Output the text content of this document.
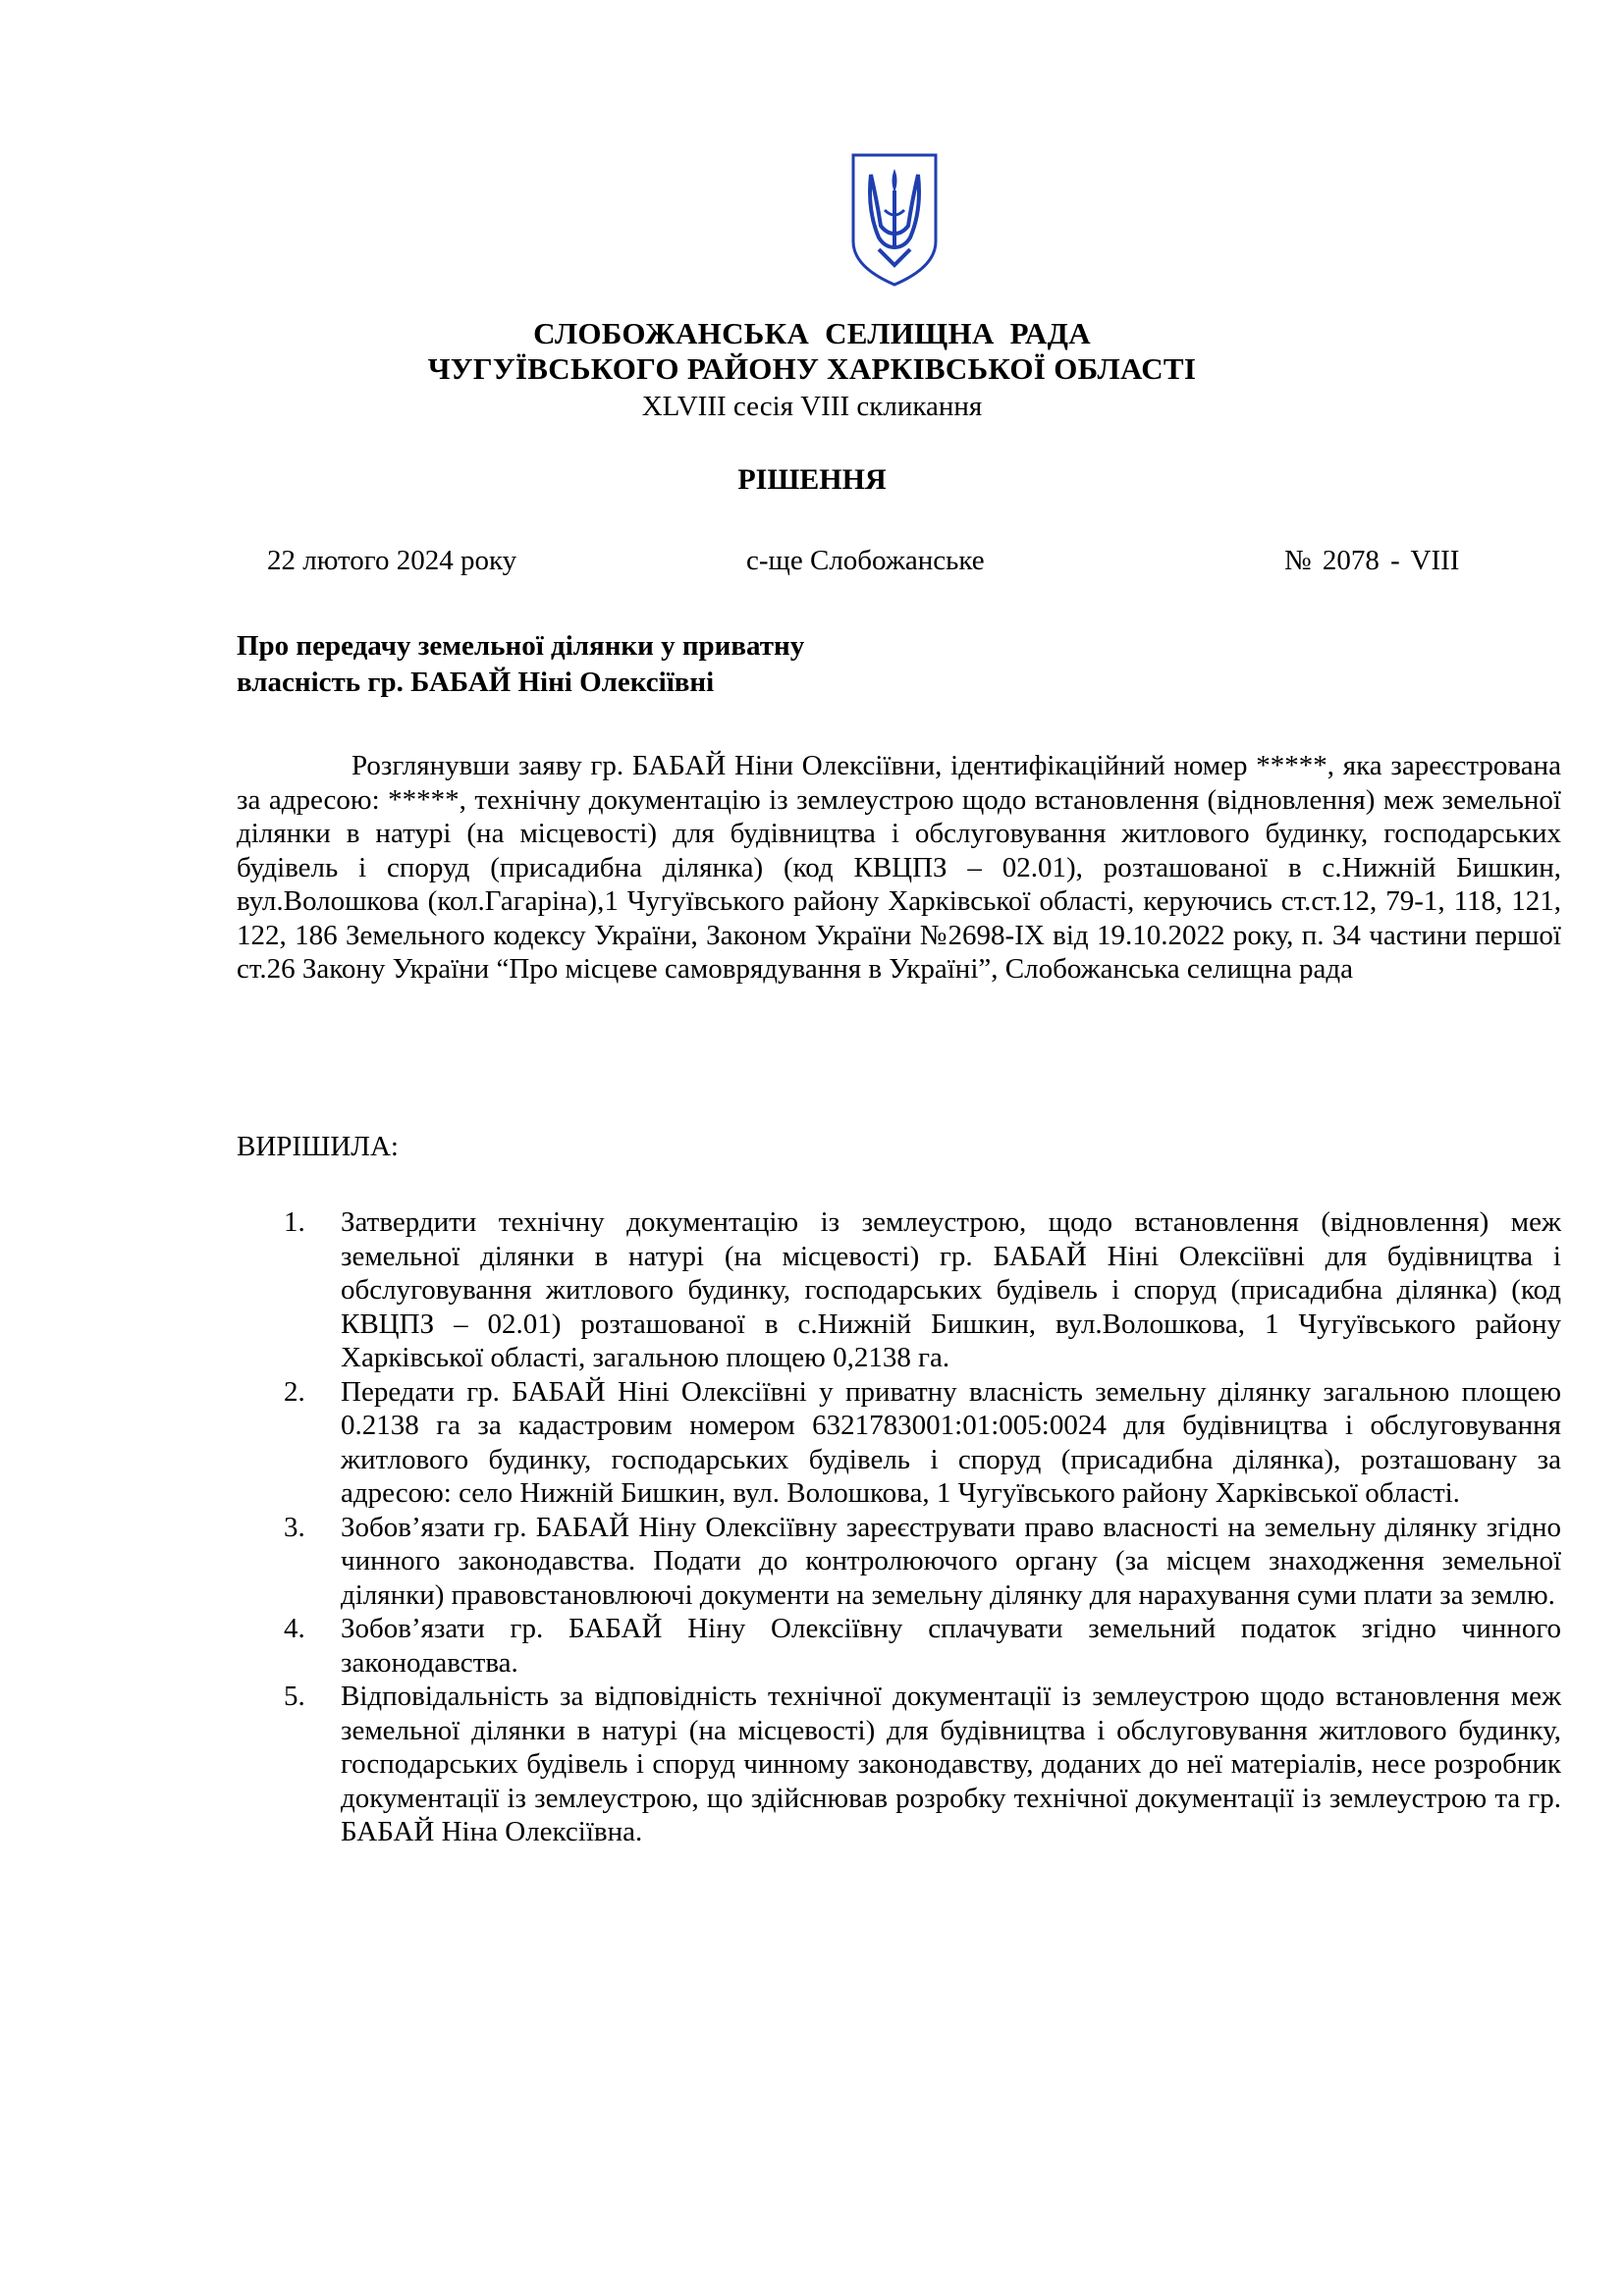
СЛОБОЖАНСЬКА СЕЛИЩНА РАДА
ЧУГУЇВСЬКОГО РАЙОНУ ХАРКІВСЬКОЇ ОБЛАСТІ
XLVIII сесія VIII скликання
РІШЕННЯ
22 лютого 2024 року	с-ще Слобожанське	№ 2078 - VIII
Про передачу земельної ділянки у приватну
власність гр. БАБАЙ Ніні Олексіївні
Розглянувши заяву гр. БАБАЙ Ніни Олексіївни, ідентифікаційний номер *****, яка зареєстрована за адресою: *****, технічну документацію із землеустрою щодо встановлення (відновлення) меж земельної ділянки в натурі (на місцевості) для будівництва і обслуговування житлового будинку, господарських будівель і споруд (присадибна ділянка) (код КВЦПЗ – 02.01), розташованої в с.Нижній Бишкин, вул.Волошкова (кол.Гагаріна),1 Чугуївського району Харківської області, керуючись ст.ст.12, 79-1, 118, 121, 122, 186 Земельного кодексу України, Законом України №2698-ІХ від 19.10.2022 року, п. 34 частини першої ст.26 Закону України “Про місцеве самоврядування в Україні”, Слобожанська селищна рада
ВИРІШИЛА:
1. Затвердити технічну документацію із землеустрою, щодо встановлення (відновлення) меж земельної ділянки в натурі (на місцевості) гр. БАБАЙ Ніні Олексіївні для будівництва і обслуговування житлового будинку, господарських будівель і споруд (присадибна ділянка) (код КВЦПЗ – 02.01) розташованої в с.Нижній Бишкин, вул.Волошкова, 1 Чугуївського району Харківської області, загальною площею 0,2138 га.
2. Передати гр. БАБАЙ Ніні Олексіївні у приватну власність земельну ділянку загальною площею 0.2138 га за кадастровим номером 6321783001:01:005:0024 для будівництва і обслуговування житлового будинку, господарських будівель і споруд (присадибна ділянка), розташовану за адресою: село Нижній Бишкин, вул. Волошкова, 1 Чугуївського району Харківської області.
3. Зобов’язати гр. БАБАЙ Ніну Олексіївну зареєструвати право власності на земельну ділянку згідно чинного законодавства. Подати до контролюючого органу (за місцем знаходження земельної ділянки) правовстановлюючі документи на земельну ділянку для нарахування суми плати за землю.
4. Зобов’язати гр. БАБАЙ Ніну Олексіївну сплачувати земельний податок згідно чинного законодавства.
5. Відповідальність за відповідність технічної документації із землеустрою щодо встановлення меж земельної ділянки в натурі (на місцевості) для будівництва і обслуговування житлового будинку, господарських будівель і споруд чинному законодавству, доданих до неї матеріалів, несе розробник документації із землеустрою, що здійснював розробку технічної документації із землеустрою та гр. БАБАЙ Ніна Олексіївна.
